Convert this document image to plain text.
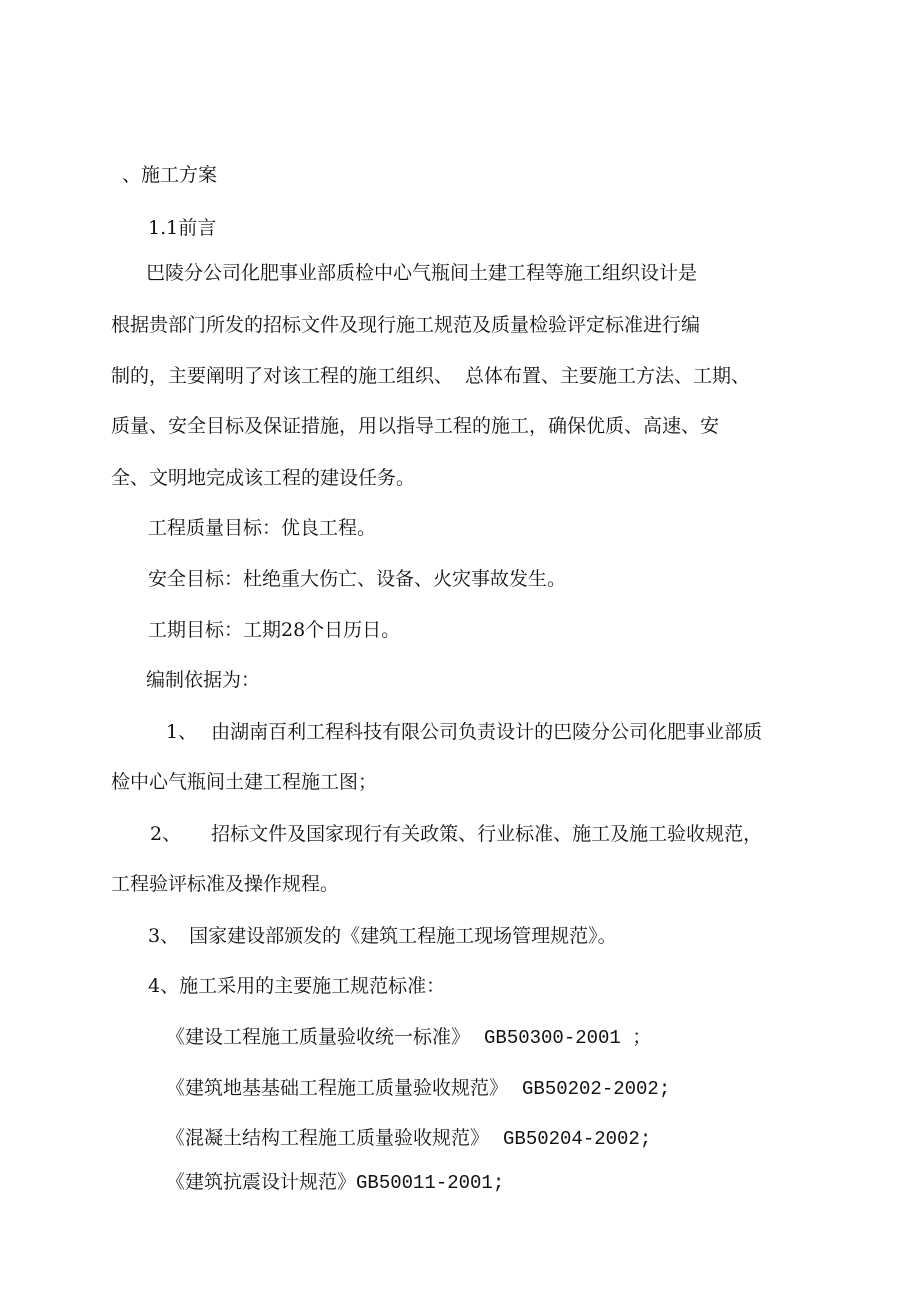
、施工方案
1.1前言
巴陵分公司化肥事业部质检中心气瓶间土建工程等施工组织设计是
根据贵部门所发的招标文件及现行施工规范及质量检验评定标准进行编
制的，主要阐明了对该工程的施工组织、 总体布置、主要施工方法、工期、
质量、安全目标及保证措施，用以指导工程的施工，确保优质、高速、安
全、文明地完成该工程的建设任务。
工程质量目标：优良工程。
安全目标：杜绝重大伤亡、设备、火灾事故发生。
工期目标：工期28个日历日。
编制依据为：
1、 由湖南百利工程科技有限公司负责设计的巴陵分公司化肥事业部质
检中心气瓶间土建工程施工图；
2、 招标文件及国家现行有关政策、行业标准、施工及施工验收规范，
工程验评标准及操作规程。
3、 国家建设部颁发的《建筑工程施工现场管理规范》。
4、施工采用的主要施工规范标准：
《建设工程施工质量验收统一标准》 GB50300-2001 ；
《建筑地基基础工程施工质量验收规范》 GB50202-2002;
《混凝土结构工程施工质量验收规范》 GB50204-2002;
《建筑抗震设计规范》GB50011-2001;
